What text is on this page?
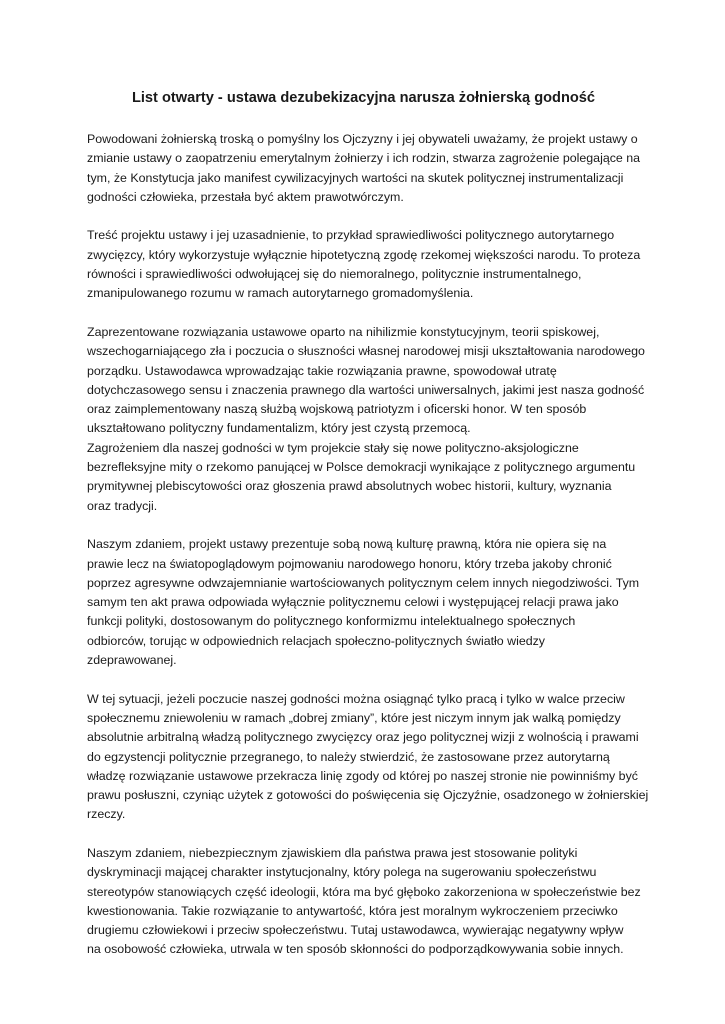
List otwarty - ustawa dezubekizacyjna narusza żołnierską godność
Powodowani żołnierską troską o pomyślny los Ojczyzny i jej obywateli uważamy, że projekt ustawy o
zmianie ustawy o zaopatrzeniu emerytalnym żołnierzy i ich rodzin, stwarza zagrożenie polegające na
tym, że Konstytucja jako manifest cywilizacyjnych wartości na skutek politycznej instrumentalizacji
godności człowieka, przestała być aktem prawotwórczym.
Treść projektu ustawy i jej uzasadnienie, to przykład sprawiedliwości politycznego autorytarnego
zwycięzcy, który wykorzystuje wyłącznie hipotetyczną zgodę rzekomej większości narodu. To proteza
równości i sprawiedliwości odwołującej się do niemoralnego, politycznie instrumentalnego,
zmanipulowanego rozumu w ramach autorytarnego gromadomyślenia.
Zaprezentowane rozwiązania ustawowe oparto na nihilizmie konstytucyjnym, teorii spiskowej,
wszechogarniającego zła i poczucia o słuszności własnej narodowej misji ukształtowania narodowego
porządku. Ustawodawca wprowadzając takie rozwiązania prawne, spowodował utratę
dotychczasowego sensu i znaczenia prawnego dla wartości uniwersalnych, jakimi jest nasza godność
oraz zaimplementowany naszą służbą wojskową patriotyzm i oficerski honor. W ten sposób
ukształtowano polityczny fundamentalizm, który jest czystą przemocą.
Zagrożeniem dla naszej godności w tym projekcie stały się nowe polityczno-aksjologiczne
bezrefleksyjne mity o rzekomo panującej w Polsce demokracji wynikające z politycznego argumentu
prymitywnej plebiscytowości oraz głoszenia prawd absolutnych wobec historii, kultury, wyznania
oraz tradycji.
Naszym zdaniem, projekt ustawy prezentuje sobą nową kulturę prawną, która nie opiera się na
prawie lecz na światopoglądowym pojmowaniu narodowego honoru, który trzeba jakoby chronić
poprzez agresywne odwzajemnianie wartościowanych politycznym celem innych niegodziwości. Tym
samym ten akt prawa odpowiada wyłącznie politycznemu celowi i występującej relacji prawa jako
funkcji polityki, dostosowanym do politycznego konformizmu intelektualnego społecznych
odbiorców, torując w odpowiednich relacjach społeczno-politycznych światło wiedzy
zdeprawowanej.
W tej sytuacji, jeżeli poczucie naszej godności można osiągnąć tylko pracą i tylko w walce przeciw
społecznemu zniewoleniu w ramach „dobrej zmiany”, które jest niczym innym jak walką pomiędzy
absolutnie arbitralną władzą politycznego zwycięzcy oraz jego politycznej wizji z wolnością i prawami
do egzystencji politycznie przegranego, to należy stwierdzić, że zastosowane przez autorytarną
władzę rozwiązanie ustawowe przekracza linię zgody od której po naszej stronie nie powinniśmy być
prawu posłuszni, czyniąc użytek z gotowości do poświęcenia się Ojczyźnie, osadzonego w żołnierskiej
rzeczy.
Naszym zdaniem, niebezpiecznym zjawiskiem dla państwa prawa jest stosowanie polityki
dyskryminacji mającej charakter instytucjonalny, który polega na sugerowaniu społeczeństwu
stereotypów stanowiących część ideologii, która ma być głęboko zakorzeniona w społeczeństwie bez
kwestionowania. Takie rozwiązanie to antywartość, która jest moralnym wykroczeniem przeciwko
drugiemu człowiekowi i przeciw społeczeństwu. Tutaj ustawodawca, wywierając negatywny wpływ
na osobowość człowieka, utrwala w ten sposób skłonności do podporządkowywania sobie innych.
